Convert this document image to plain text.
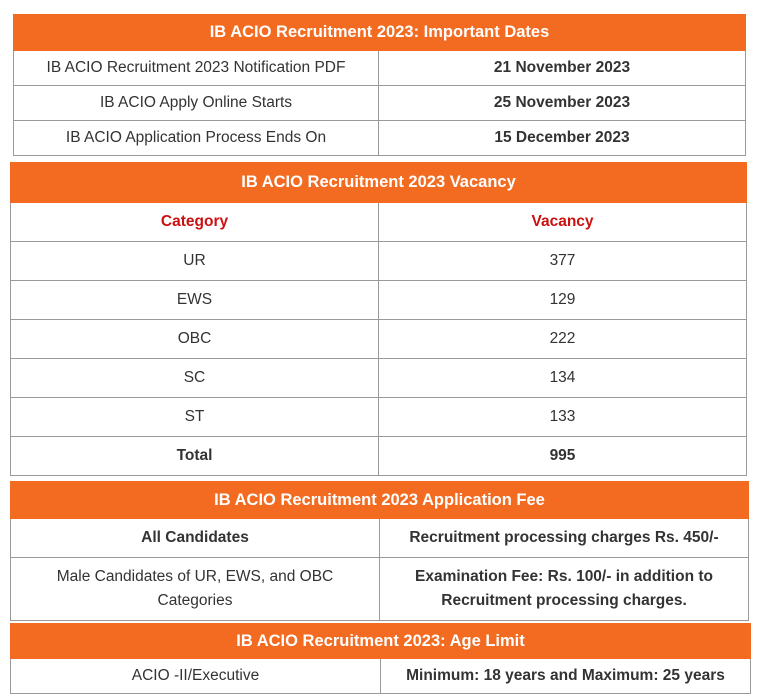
IB ACIO Recruitment 2023: Important Dates	
IB ACIO Recruitment 2023 Notification PDF	21 November 2023
IB ACIO Apply Online Starts	25 November 2023
IB ACIO Application Process Ends On	15 December 2023
IB ACIO Recruitment 2023 Vacancy	
Category	Vacancy
UR	377
EWS	129
OBC	222
SC	134
ST	133
Total	995
IB ACIO Recruitment 2023 Application Fee	
All Candidates	Recruitment processing charges Rs. 450/-
Male Candidates of UR, EWS, and OBC Categories	Examination Fee: Rs. 100/- in addition to Recruitment processing charges.
IB ACIO Recruitment 2023: Age Limit
ACIO -II/Executive	Minimum: 18 years and Maximum: 25 years
